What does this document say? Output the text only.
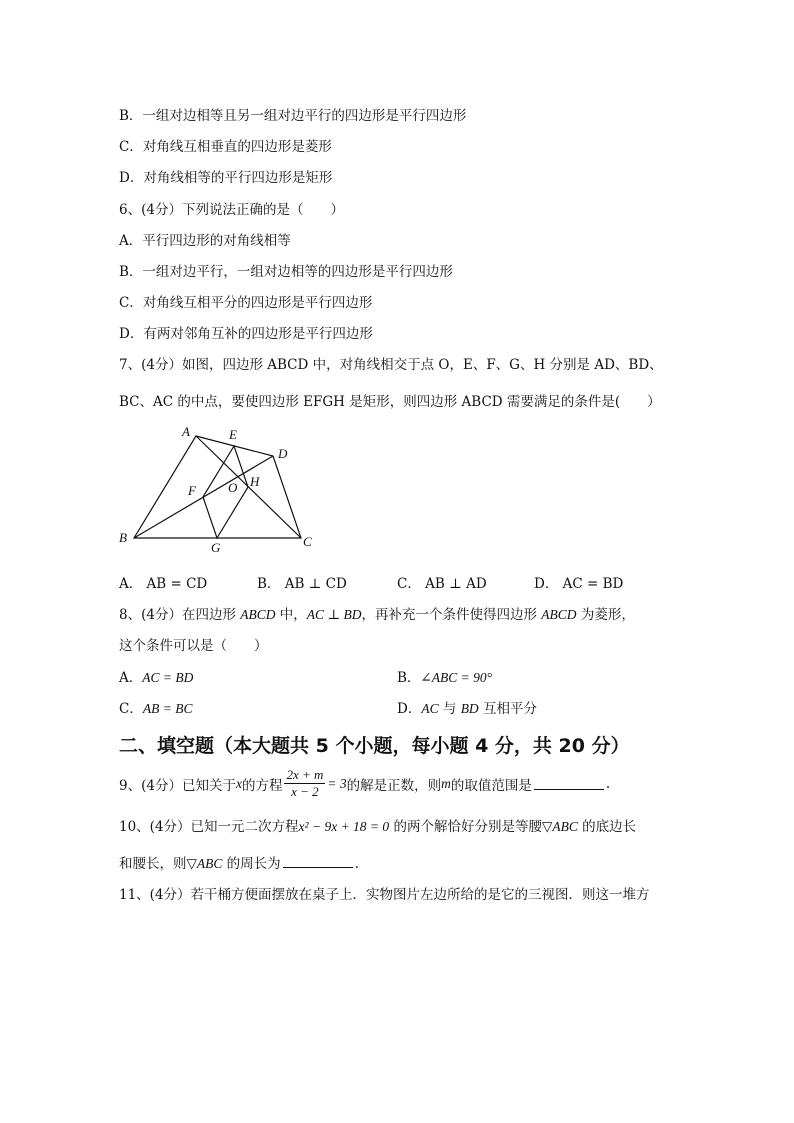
B．一组对边相等且另一组对边平行的四边形是平行四边形
C．对角线互相垂直的四边形是菱形
D．对角线相等的平行四边形是矩形
6、(4分）下列说法正确的是（　　）
A．平行四边形的对角线相等
B．一组对边平行，一组对边相等的四边形是平行四边形
C．对角线互相平分的四边形是平行四边形
D．有两对邻角互补的四边形是平行四边形
7、(4分）如图，四边形 ABCD 中，对角线相交于点 O，E、F、G、H 分别是 AD、BD、
BC、AC 的中点，要使四边形 EFGH 是矩形，则四边形 ABCD 需要满足的条件是(　　）
A	E
D
F O H
B
G	C
A． AB = CD	B． AB ⊥ CD	C． AB ⊥ AD	D． AC = BD
8、(4分）在四边形 ABCD 中，AC ⊥ BD，再补充一个条件使得四边形 ABCD 为菱形，
这个条件可以是（　　）
A．AC = BD	B．∠ABC = 90°
C．AB = BC	D．AC 与 BD 互相平分
二、填空题（本大题共 5 个小题，每小题 4 分，共 20 分）
9、(4分）已知关于 x 的方程 $\frac{2x + m}{x - 2} = 3$ 的解是正数，则 m 的取值范围是	.
10、(4分）已知一元二次方程x² − 9x + 18 = 0 的两个解恰好分别是等腰▽ABC 的底边长
和腰长，则▽ABC 的周长为	.
11、(4分）若干桶方便面摆放在桌子上．实物图片左边所给的是它的三视图．则这一堆方
